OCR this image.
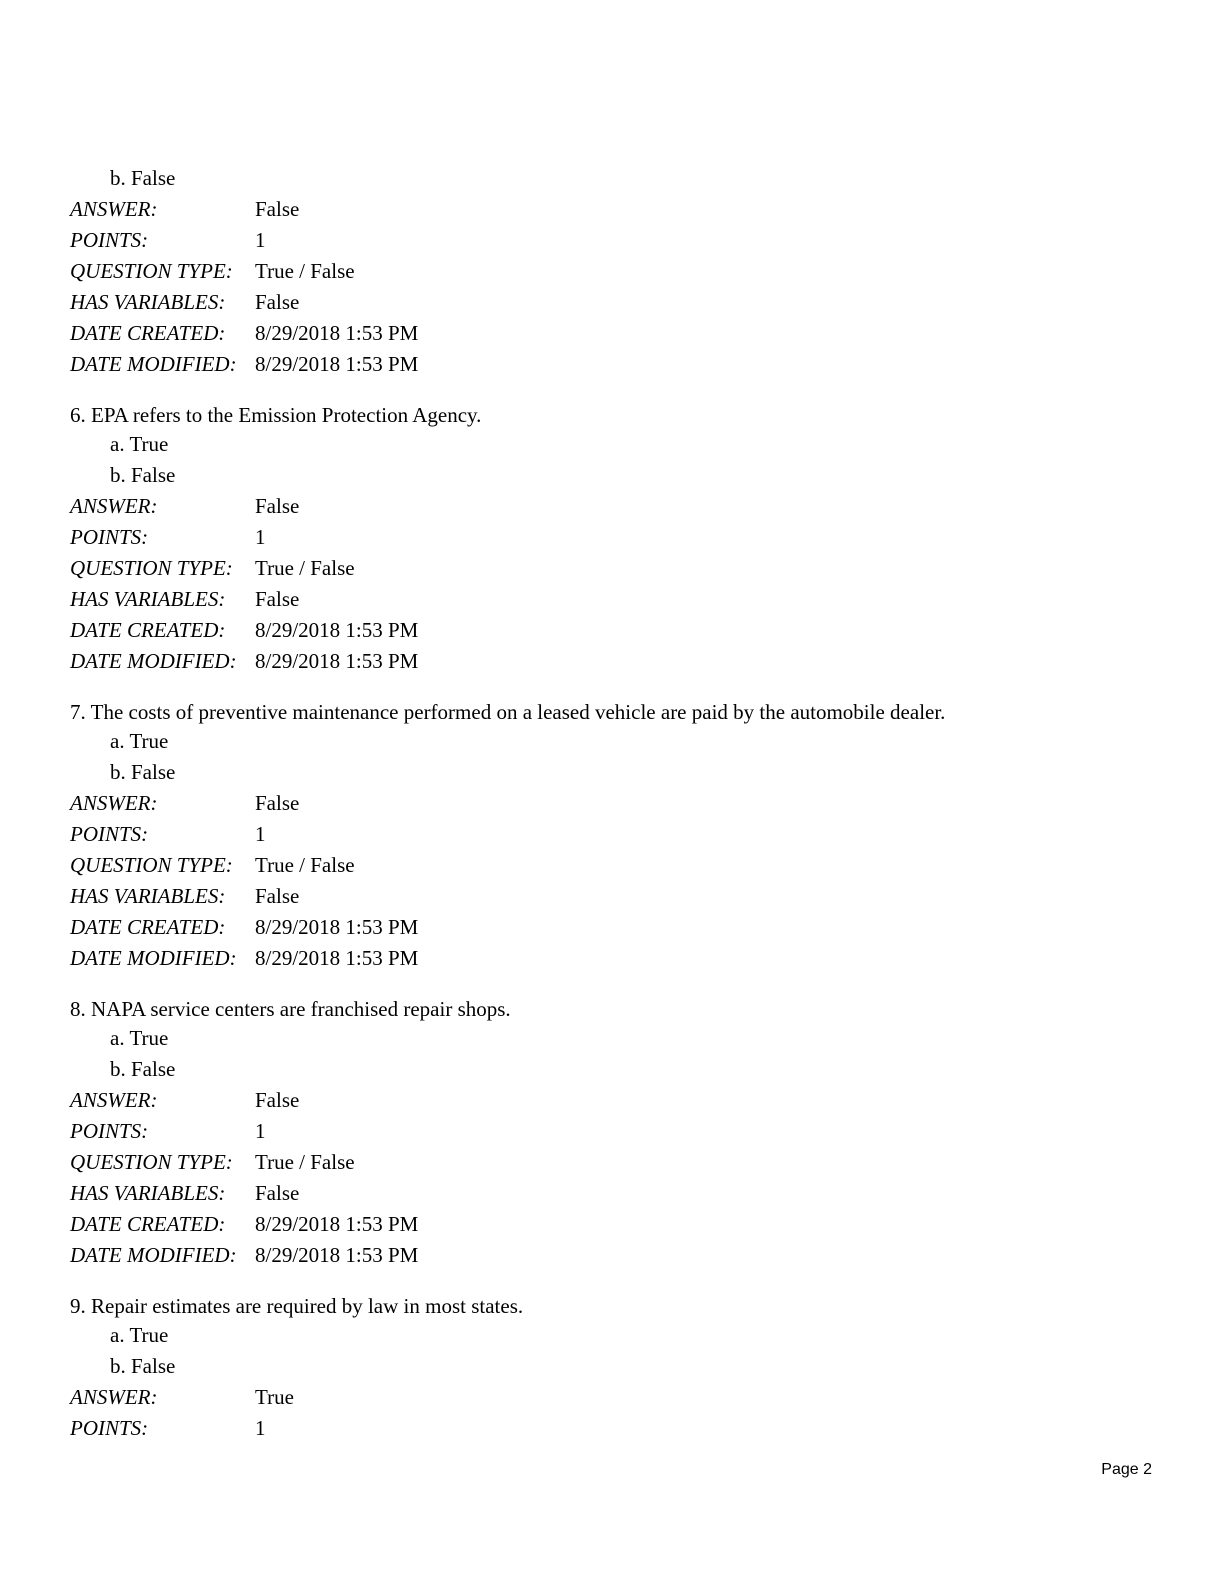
b. False
ANSWER:	False
POINTS:	1
QUESTION TYPE:	True / False
HAS VARIABLES:	False
DATE CREATED:	8/29/2018 1:53 PM
DATE MODIFIED: 8/29/2018 1:53 PM
6. EPA refers to the Emission Protection Agency.
a. True
b. False
ANSWER:	False
POINTS:	1
QUESTION TYPE:	True / False
HAS VARIABLES:	False
DATE CREATED:	8/29/2018 1:53 PM
DATE MODIFIED: 8/29/2018 1:53 PM
7. The costs of preventive maintenance performed on a leased vehicle are paid by the automobile dealer.
a. True
b. False
ANSWER:	False
POINTS:	1
QUESTION TYPE:	True / False
HAS VARIABLES:	False
DATE CREATED:	8/29/2018 1:53 PM
DATE MODIFIED: 8/29/2018 1:53 PM
8. NAPA service centers are franchised repair shops.
a. True
b. False
ANSWER:	False
POINTS:	1
QUESTION TYPE:	True / False
HAS VARIABLES:	False
DATE CREATED:	8/29/2018 1:53 PM
DATE MODIFIED: 8/29/2018 1:53 PM
9. Repair estimates are required by law in most states.
a. True
b. False
ANSWER:	True
POINTS:	1
Page 2
